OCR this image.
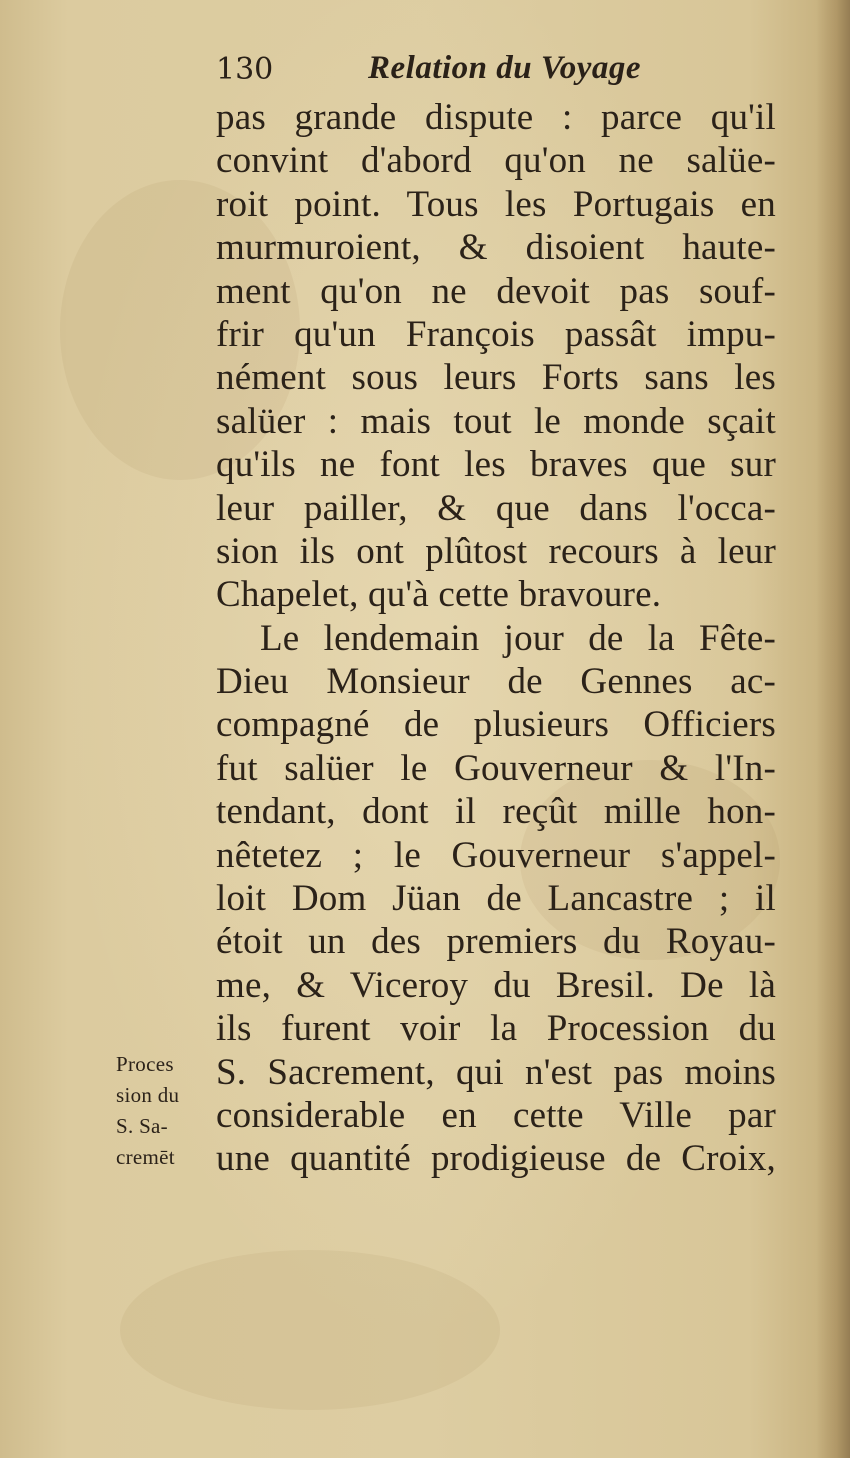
130	Relation du Voyage
pas grande dispute : parce qu'il
convint d'abord qu'on ne salüe-
roit point. Tous les Portugais en
murmuroient, & disoient haute-
ment qu'on ne devoit pas souf-
frir qu'un François passât impu-
nément sous leurs Forts sans les
salüer : mais tout le monde sçait
qu'ils ne font les braves que sur
leur pailler, & que dans l'occa-
sion ils ont plûtost recours à leur
Chapelet, qu'à cette bravoure.
Le lendemain jour de la Fête-
Dieu Monsieur de Gennes ac-
compagné de plusieurs Officiers
fut salüer le Gouverneur & l'In-
tendant, dont il reçût mille hon-
nêtetez ; le Gouverneur s'appel-
loit Dom Jüan de Lancastre ; il
étoit un des premiers du Royau-
me, & Viceroy du Bresil. De là
ils furent voir la Procession du
S. Sacrement, qui n'est pas moins
considerable en cette Ville par
une quantité prodigieuse de Croix,
Proces
sion du
S. Sa-
cremēt
